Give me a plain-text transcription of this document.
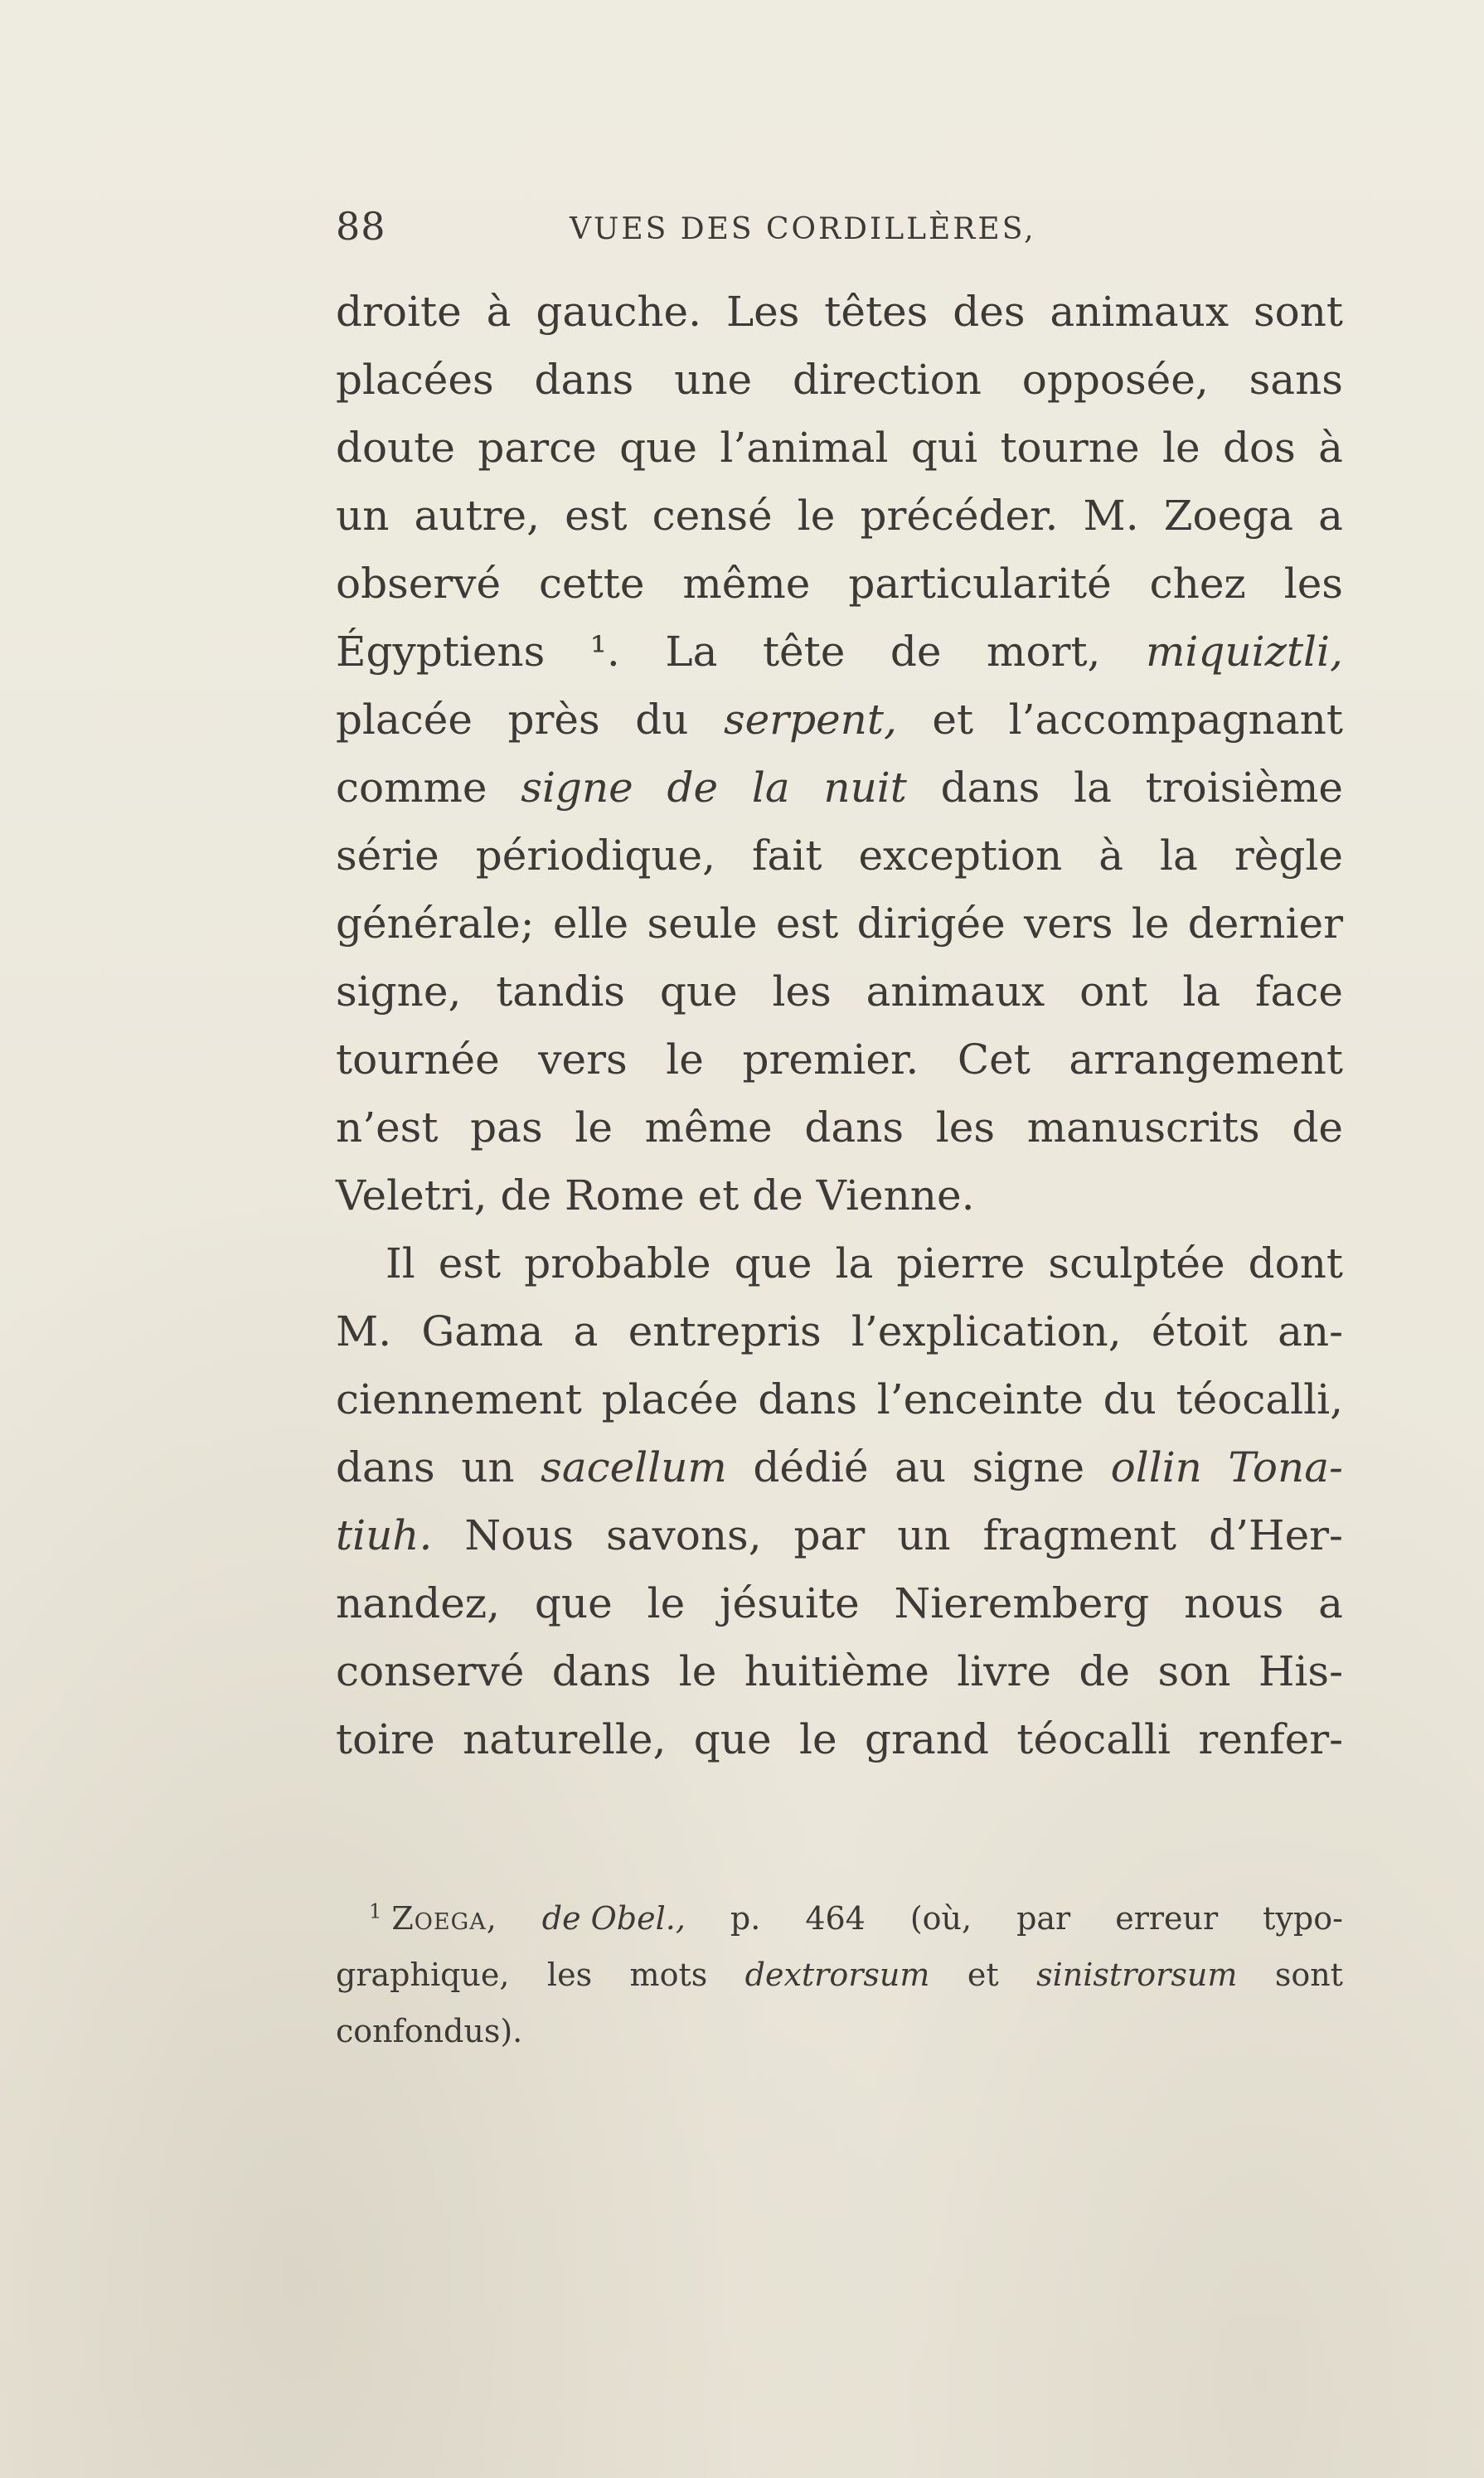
88	VUES DES CORDILLÈRES,
droite à gauche. Les têtes des animaux sont
placées dans une direction opposée, sans
doute parce que l’animal qui tourne le dos à
un autre, est censé le précéder. M. Zoega a
observé cette même particularité chez les
Égyptiens ¹. La tête de mort, miquiztli,
placée près du serpent, et l’accompagnant
comme signe de la nuit dans la troisième
série périodique, fait exception à la règle
générale; elle seule est dirigée vers le dernier
signe, tandis que les animaux ont la face
tournée vers le premier. Cet arrangement
n’est pas le même dans les manuscrits de
Veletri,
de
Rome
et
de
Vienne.
Il est probable que la pierre sculptée dont
M. Gama a entrepris l’explication, étoit an-
ciennement placée dans l’enceinte du téocalli,
dans un sacellum dédié au signe ollin Tona-
tiuh. Nous savons, par un fragment d’Her-
nandez, que le jésuite Nieremberg nous a
conservé dans le huitième livre de son His-
toire naturelle, que le grand téocalli renfer-
$^1$ Zoega, de Obel., p. 464 (où, par erreur typo-
graphique, les mots dextrorsum et sinistrorsum sont
confondus).
